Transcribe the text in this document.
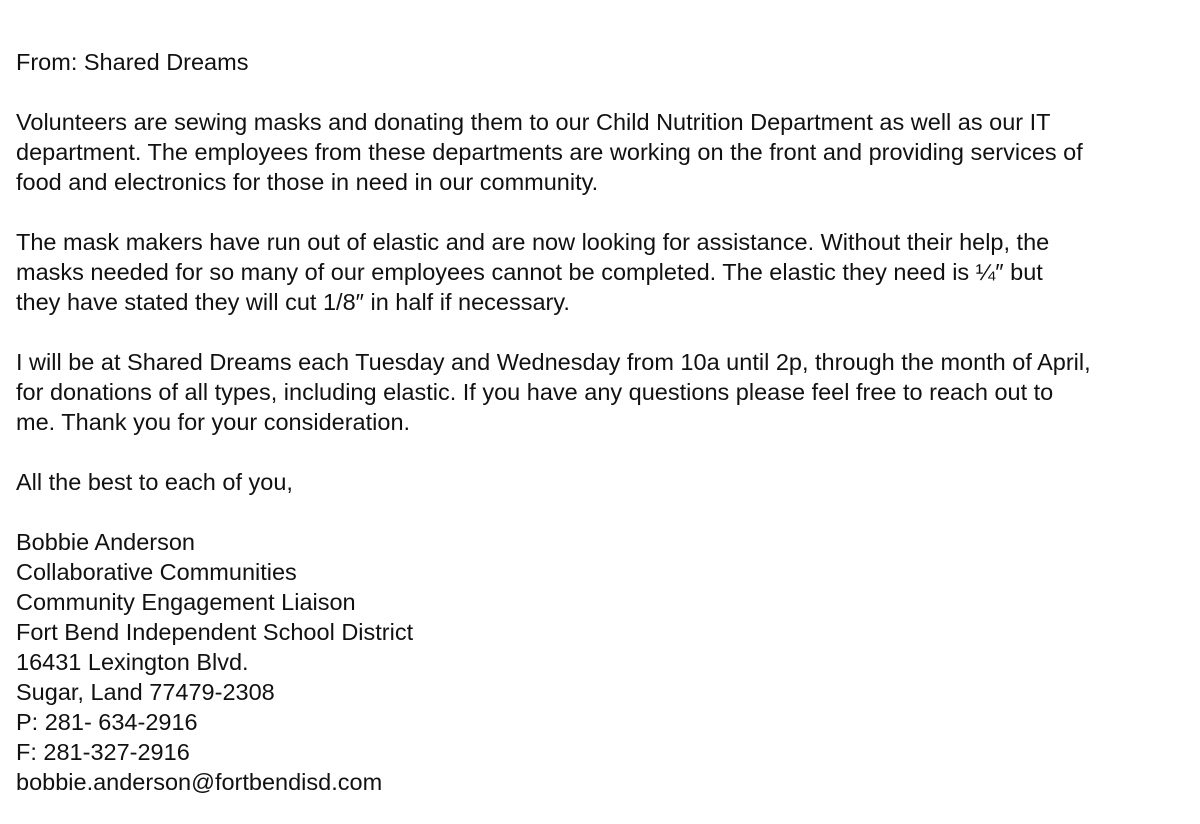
From: Shared Dreams

Volunteers are sewing masks and donating them to our Child Nutrition Department as well as our IT
department. The employees from these departments are working on the front and providing services of
food and electronics for those in need in our community.

The mask makers have run out of elastic and are now looking for assistance. Without their help, the
masks needed for so many of our employees cannot be completed. The elastic they need is ¼″ but
they have stated they will cut 1/8″ in half if necessary.

I will be at Shared Dreams each Tuesday and Wednesday from 10a until 2p, through the month of April,
for donations of all types, including elastic. If you have any questions please feel free to reach out to
me. Thank you for your consideration.

All the best to each of you,

Bobbie Anderson
Collaborative Communities
Community Engagement Liaison
Fort Bend Independent School District
16431 Lexington Blvd.
Sugar, Land 77479-2308
P: 281- 634-2916
F: 281-327-2916
bobbie.anderson@fortbendisd.com
